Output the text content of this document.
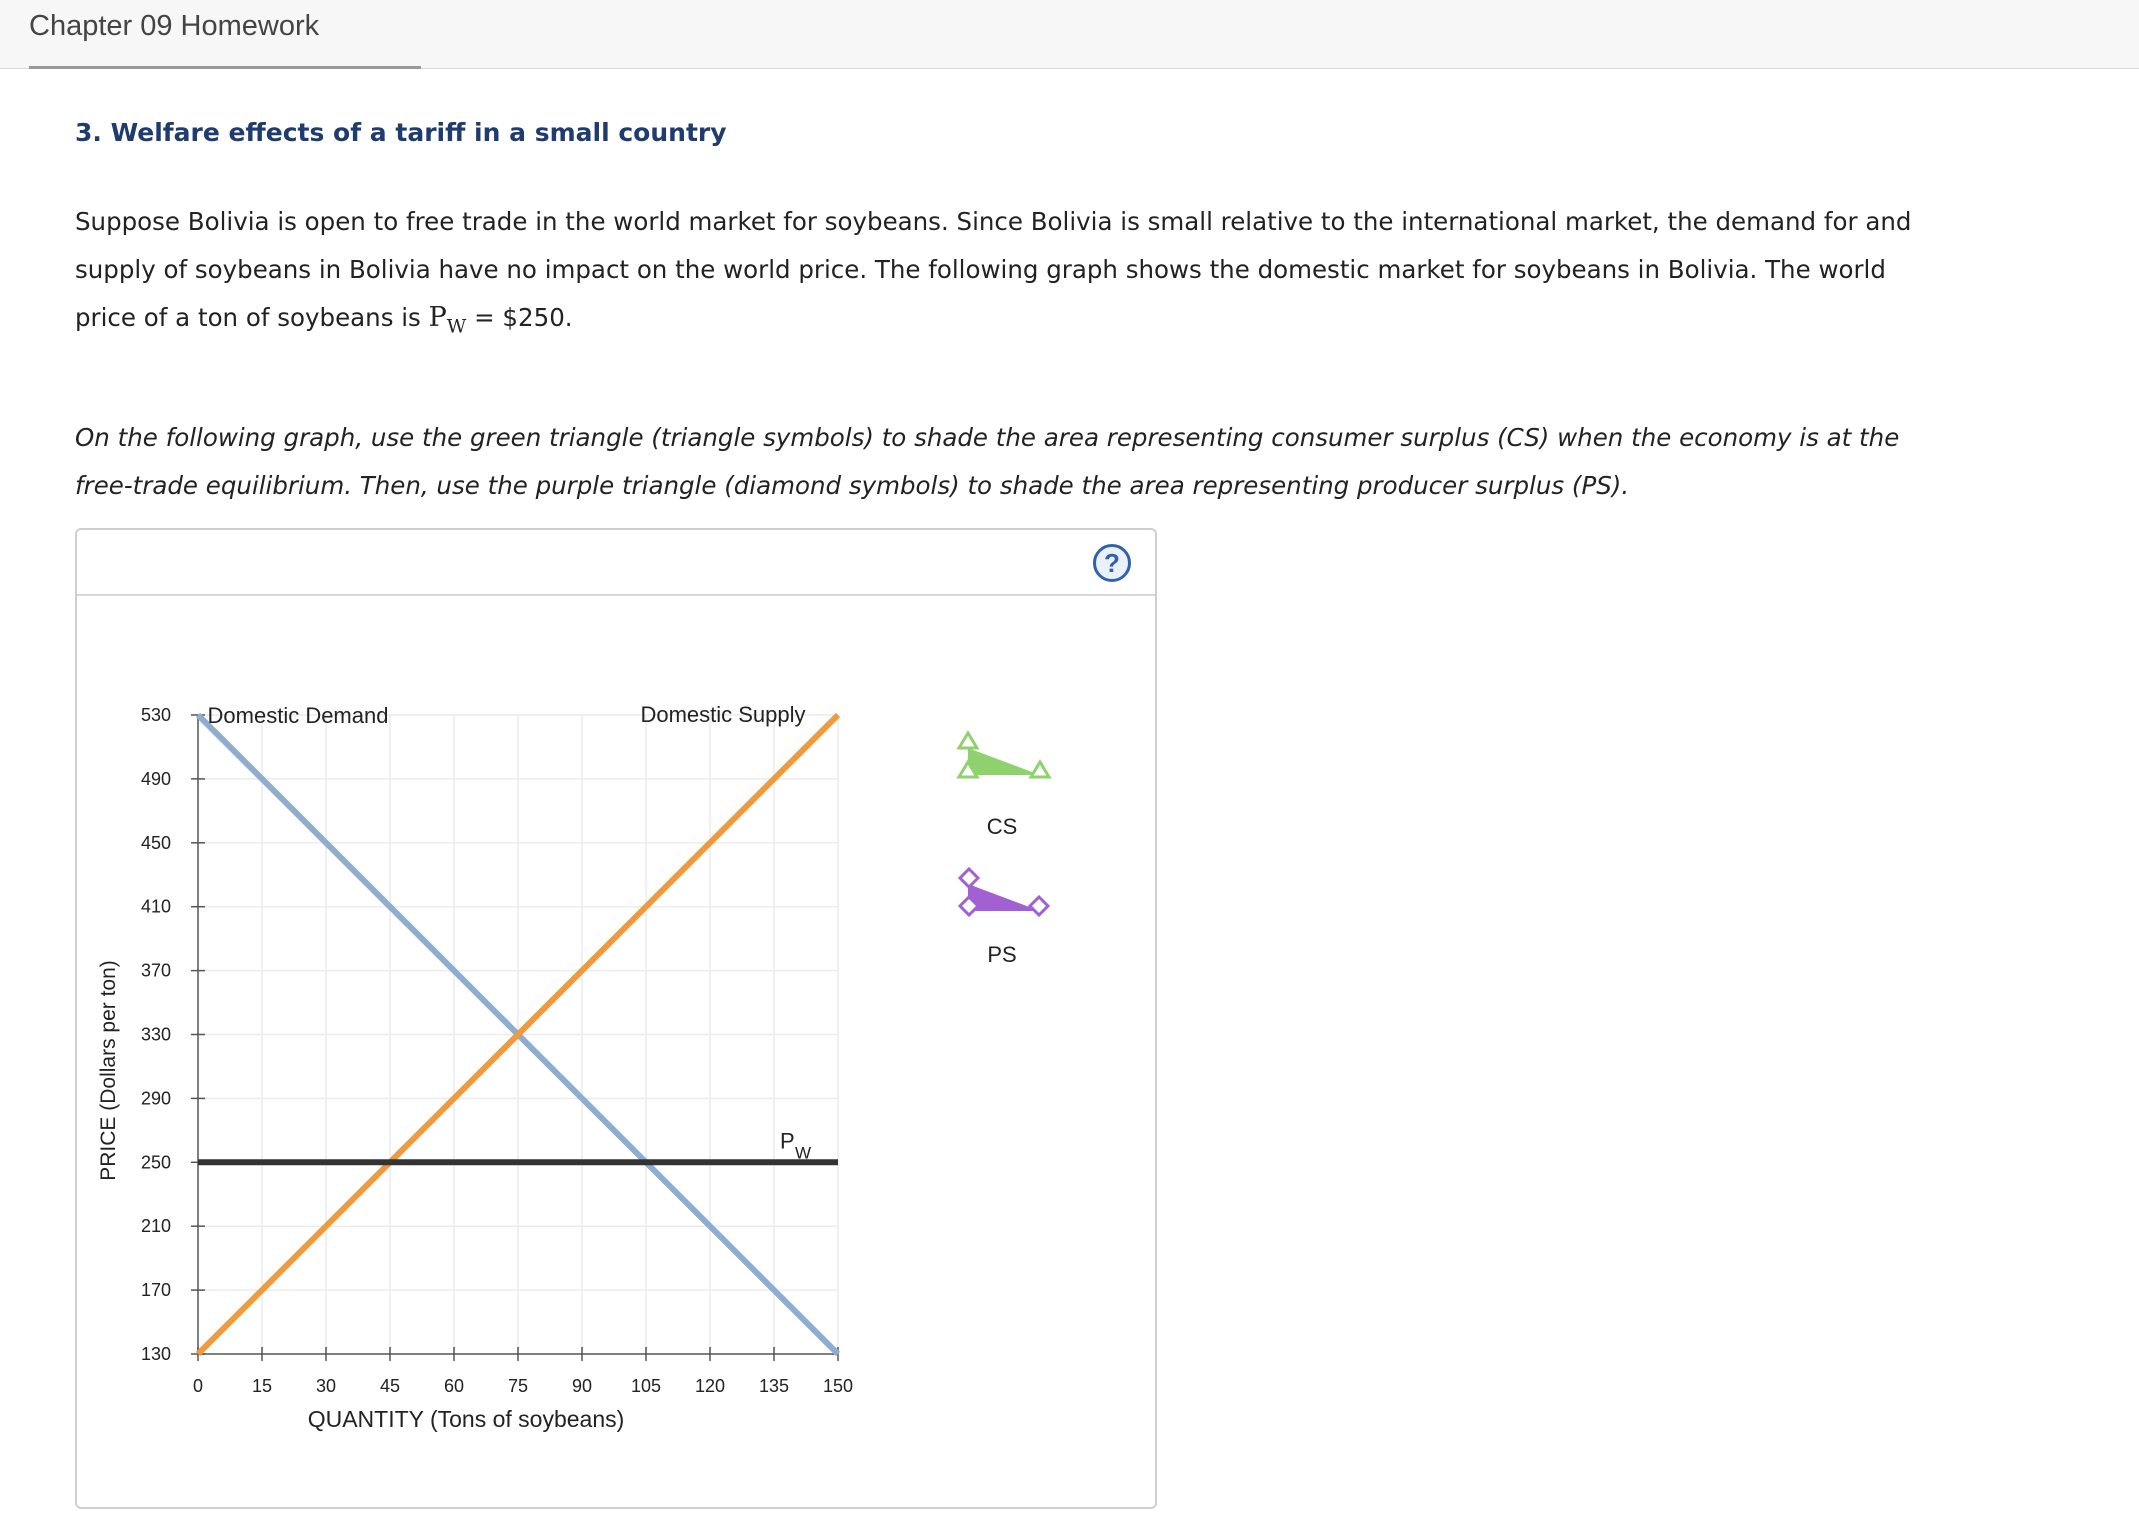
Chapter 09 Homework
3. Welfare effects of a tariff in a small country
Suppose Bolivia is open to free trade in the world market for soybeans. Since Bolivia is small relative to the international market, the demand for and supply of soybeans in Bolivia have no impact on the world price. The following graph shows the domestic market for soybeans in Bolivia. The world price of a ton of soybeans is $P_W$ = $250.
On the following graph, use the green triangle (triangle symbols) to shade the area representing consumer surplus (CS) when the economy is at the free-trade equilibrium. Then, use the purple triangle (diamond symbols) to shade the area representing producer surplus (PS).
?
530
490
450
410
370
330
290
250
210
170
130
0	15 30 45 60 75 90 105 120 135 150
QUANTITY (Tons of soybeans)
PRICE (Dollars per ton)
Domestic Demand	Domestic Supply
P W
CS
PS
